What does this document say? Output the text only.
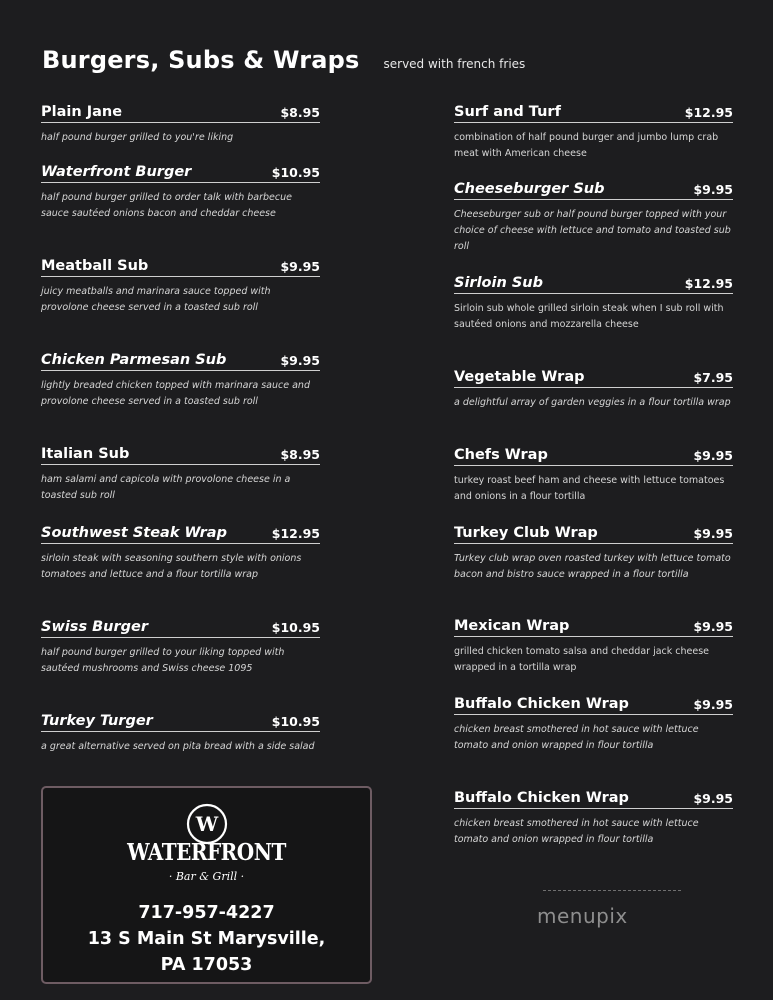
Burgers, Subs & Wraps served with french fries
Plain Jane	$8.95
half pound burger grilled to you're liking
Waterfront Burger	$10.95
half pound burger grilled to order talk with barbecue sauce sautéed onions bacon and cheddar cheese
Meatball Sub	$9.95
juicy meatballs and marinara sauce topped with provolone cheese served in a toasted sub roll
Chicken Parmesan Sub	$9.95
lightly breaded chicken topped with marinara sauce and provolone cheese served in a toasted sub roll
Italian Sub	$8.95
ham salami and capicola with provolone cheese in a toasted sub roll
Southwest Steak Wrap	$12.95
sirloin steak with seasoning southern style with onions tomatoes and lettuce and a flour tortilla wrap
Swiss Burger	$10.95
half pound burger grilled to your liking topped with sautéed mushrooms and Swiss cheese 1095
Turkey Turger	$10.95
a great alternative served on pita bread with a side salad
Surf and Turf	$12.95
combination of half pound burger and jumbo lump crab meat with American cheese
Cheeseburger Sub	$9.95
Cheeseburger sub or half pound burger topped with your choice of cheese with lettuce and tomato and toasted sub roll
Sirloin Sub	$12.95
Sirloin sub whole grilled sirloin steak when I sub roll with sautéed onions and mozzarella cheese
Vegetable Wrap	$7.95
a delightful array of garden veggies in a flour tortilla wrap
Chefs Wrap	$9.95
turkey roast beef ham and cheese with lettuce tomatoes and onions in a flour tortilla
Turkey Club Wrap	$9.95
Turkey club wrap oven roasted turkey with lettuce tomato bacon and bistro sauce wrapped in a flour tortilla
Mexican Wrap	$9.95
grilled chicken tomato salsa and cheddar jack cheese wrapped in a tortilla wrap
Buffalo Chicken Wrap	$9.95
chicken breast smothered in hot sauce with lettuce tomato and onion wrapped in flour tortilla
Buffalo Chicken Wrap	$9.95
chicken breast smothered in hot sauce with lettuce tomato and onion wrapped in flour tortilla
W
WATERFRONT
· Bar & Grill ·
717-957-4227
13 S Main St Marysville,
PA 17053
menupix
